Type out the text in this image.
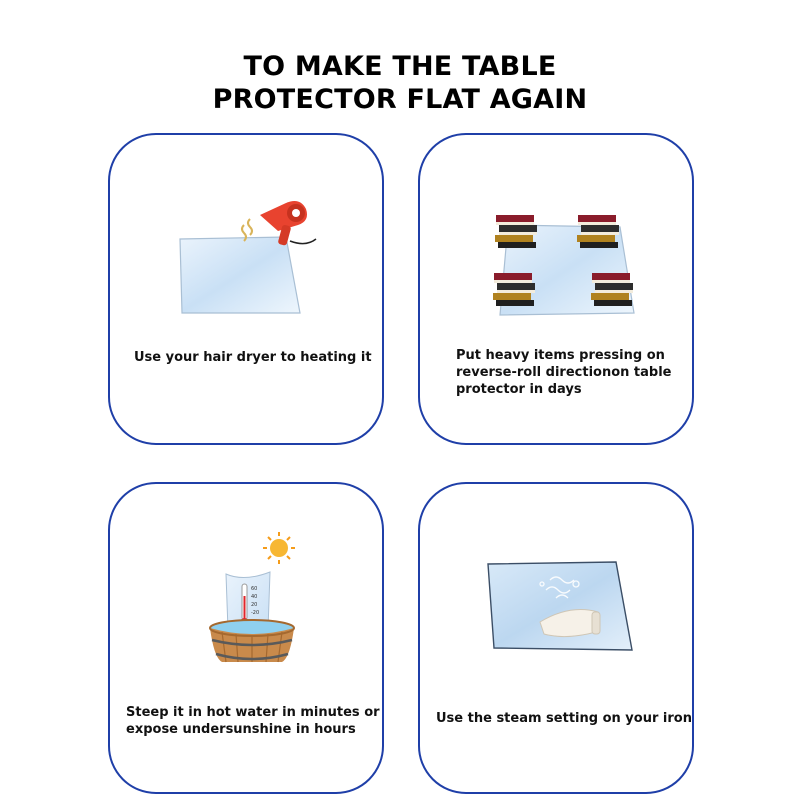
TO MAKE THE TABLE
PROTECTOR FLAT AGAIN
Use your hair dryer to heating it	Put heavy items pressing on
reverse-roll directionon table
protector in days
60
40
20
-20
Steep it in hot water in minutes or
expose undersunshine in hours
Use the steam setting on your iron
